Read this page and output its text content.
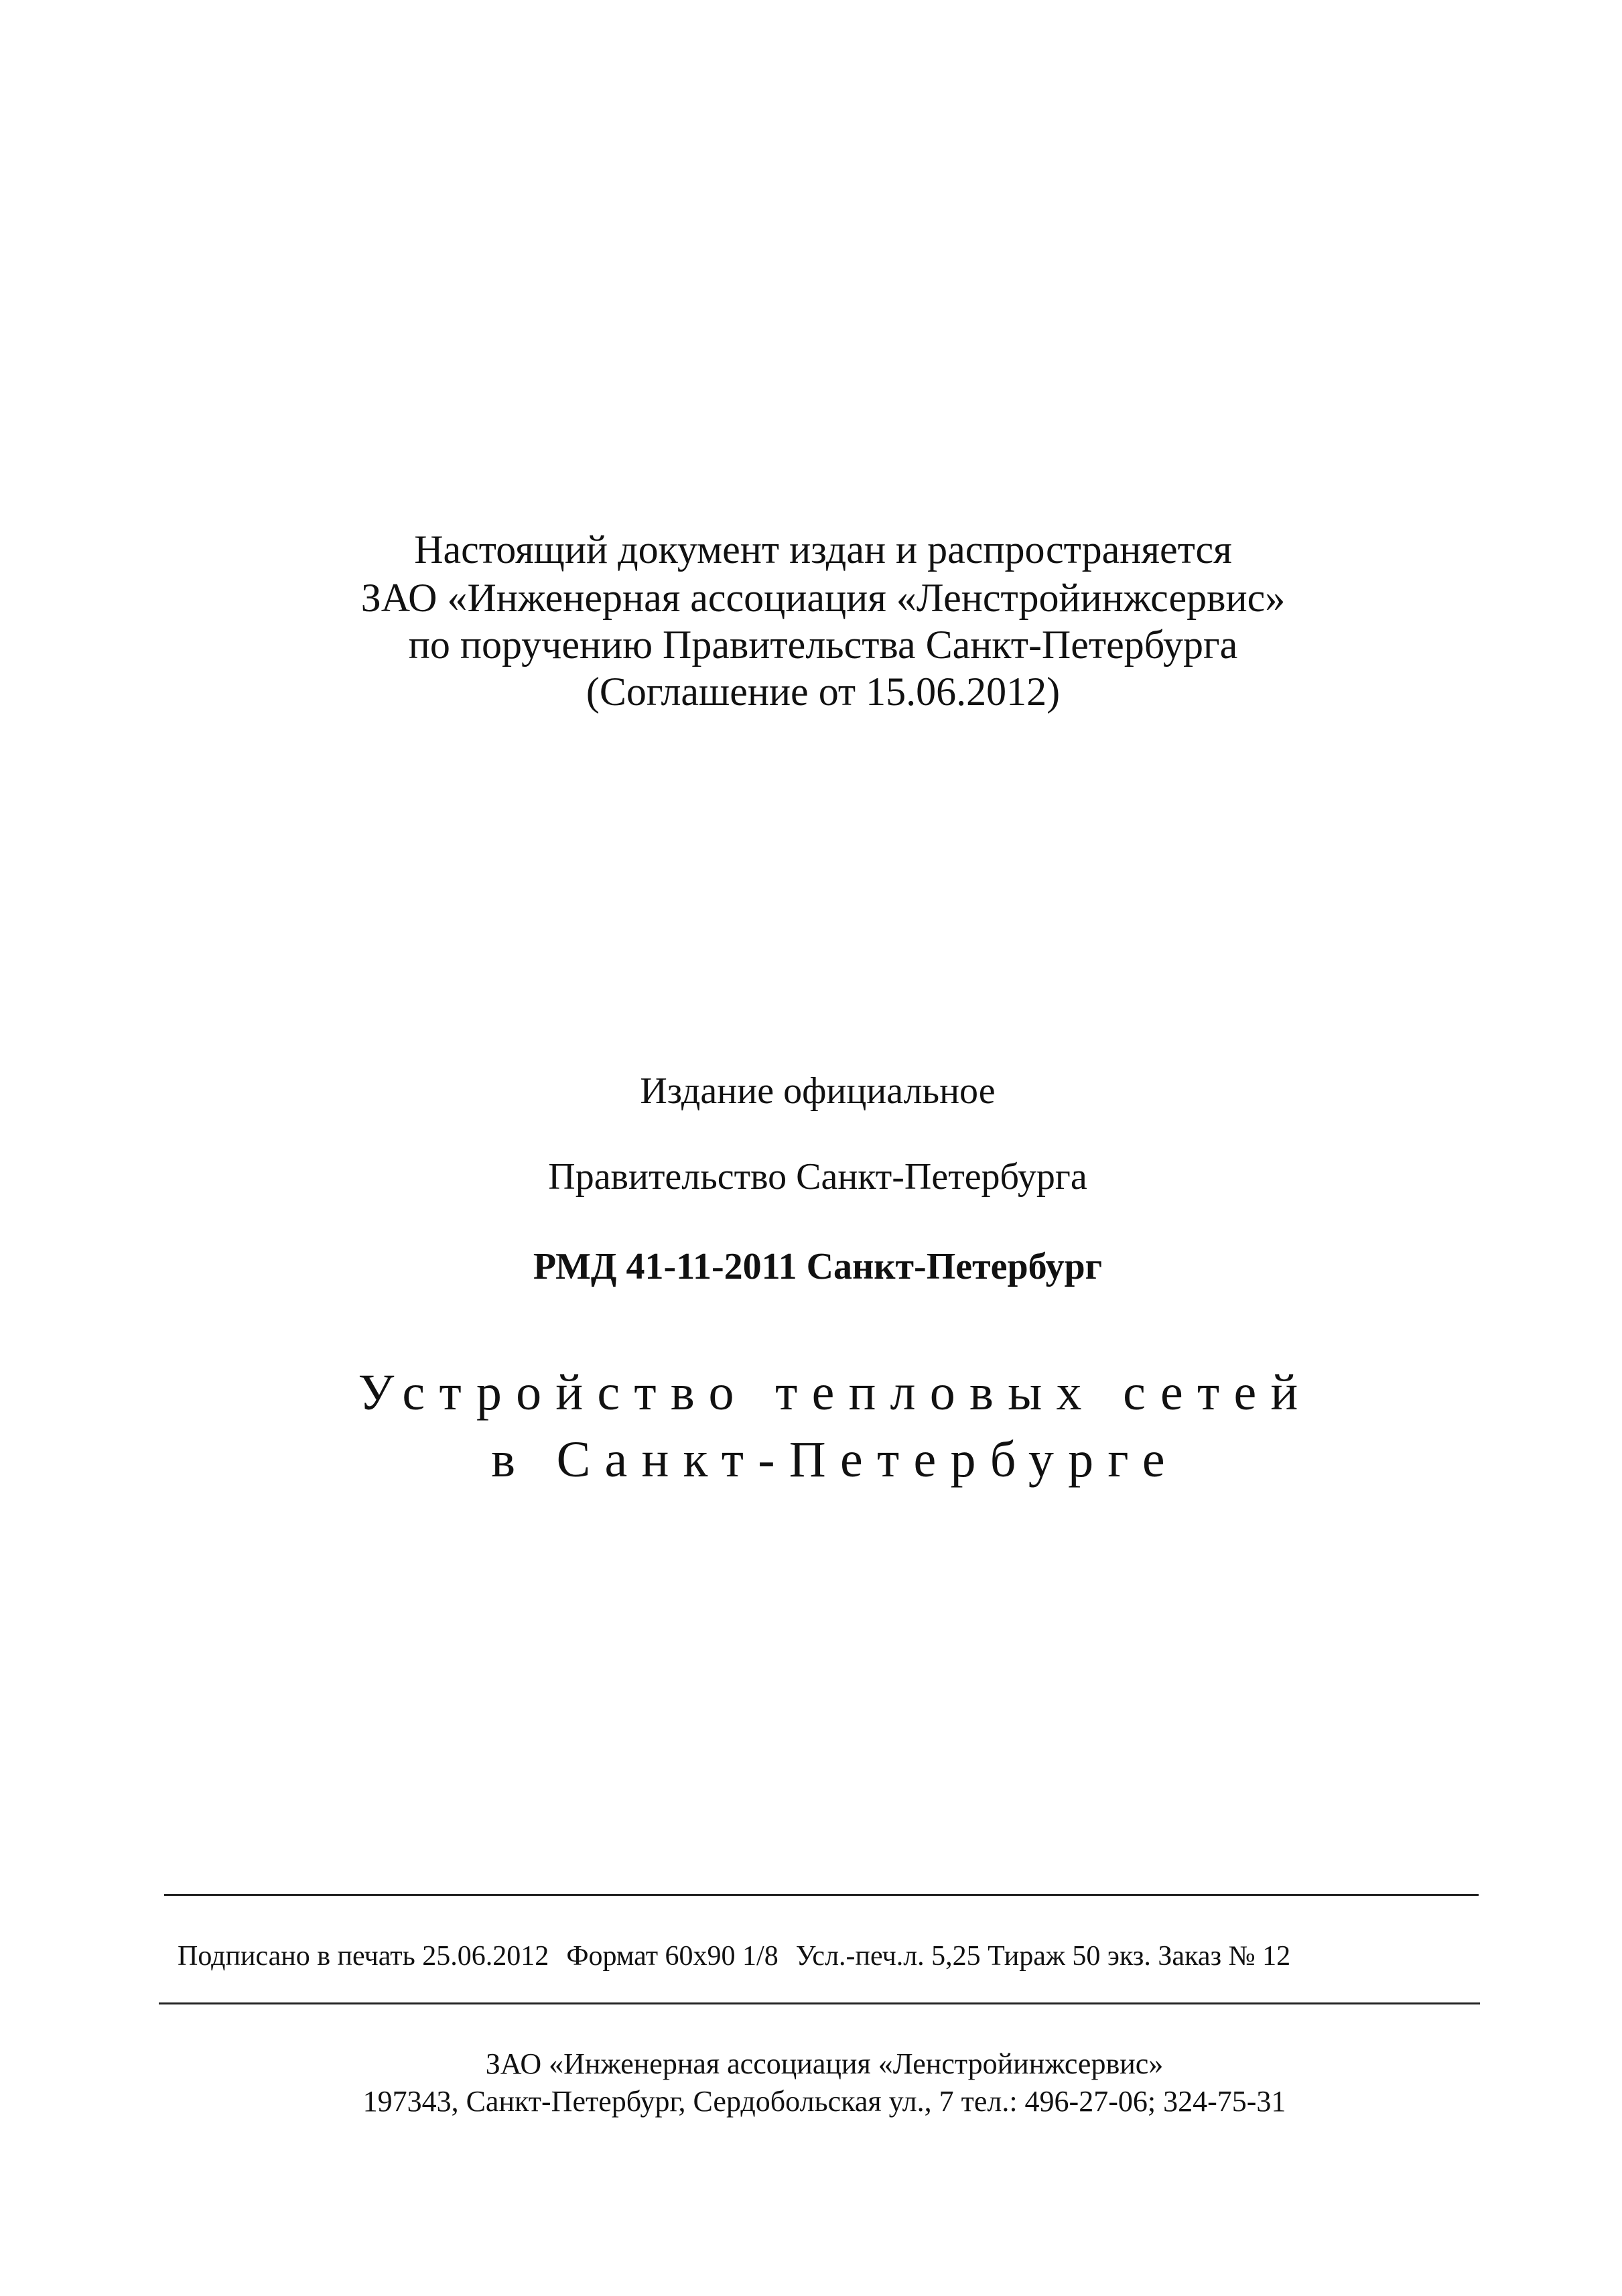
Настоящий документ издан и распространяется
ЗАО «Инженерная ассоциация «Ленстройинжсервис»
по поручению Правительства Санкт-Петербурга
(Соглашение от 15.06.2012)
Издание официальное
Правительство Санкт-Петербурга
РМД 41-11-2011 Санкт-Петербург
Устройство тепловых сетей
в Санкт-Петербурге
Подписано в печать 25.06.2012 Формат 60x90 1/8 Усл.-печ.л. 5,25 Тираж 50 экз. Заказ № 12
ЗАО «Инженерная ассоциация «Ленстройинжсервис»
197343, Санкт-Петербург, Сердобольская ул., 7 тел.: 496-27-06; 324-75-31
